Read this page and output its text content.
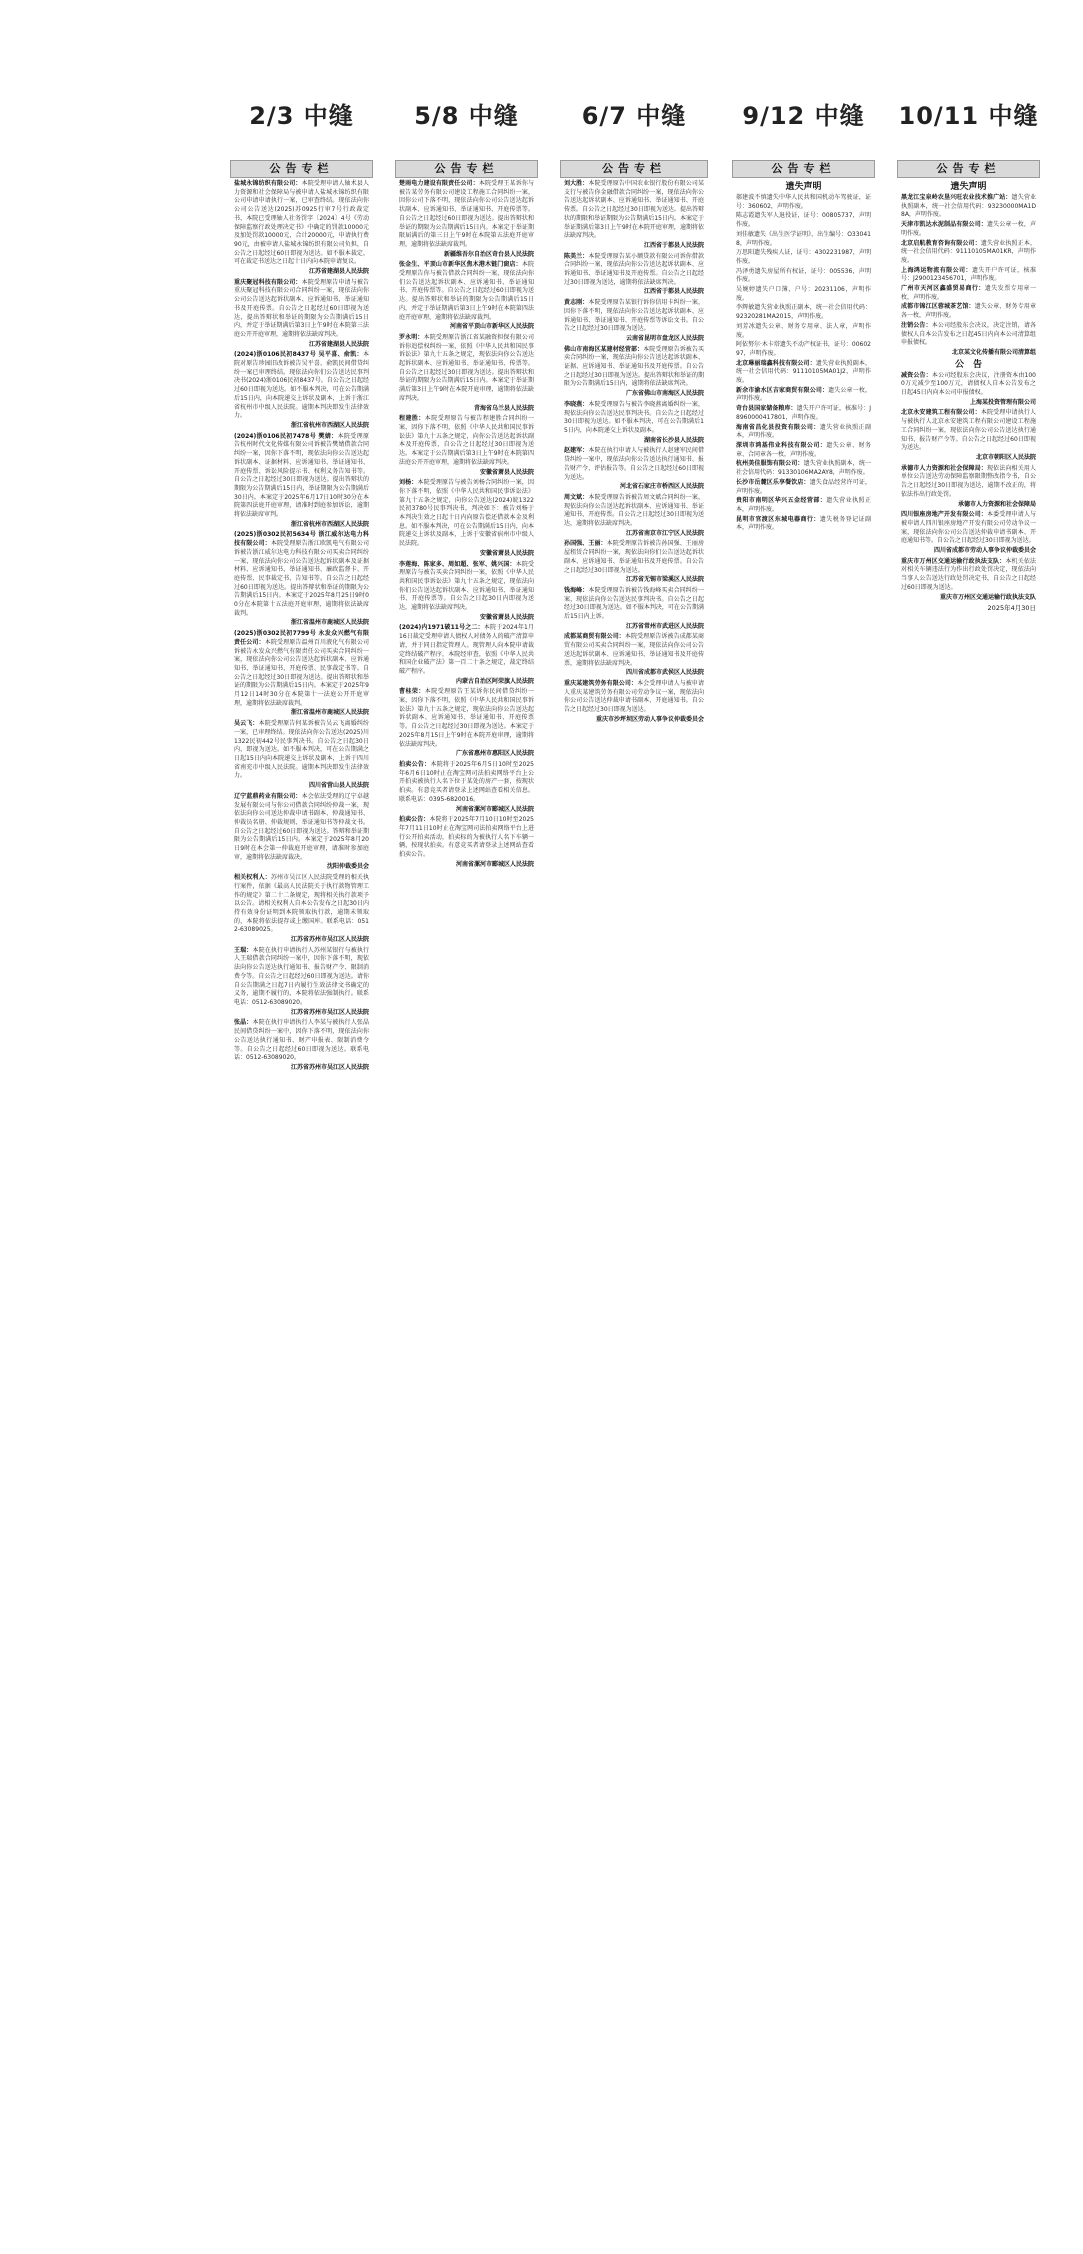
2/3 中缝
公告专栏
盐城永锦纺织有限公司：本院受理申请人轴术县人力资源和社会保障局与被申请人盐城永锦纺织有限公司申请申请执行一案，已审查终结。现依法向你公司公告送达(2025)苏0925行审7号行政裁定书，本院已受理轴人社务罚字〔2024〕4号《劳动保障监察行政处理决定书》中确定的罚款10000元及加处罚款10000元，合计20000元，申请执行费90元，由被申请人盐城永锦纺织有限公司负担，自公告之日起经过60日即视为送达。如不服本裁定，可在裁定书送达之日起十日内向本院申请复议。
江苏省建湖县人民法院
重庆聚冠科技有限公司：本院受理原告申请与被告重庆聚冠科技有限公司合同纠纷一案，现依法向你公司公告送达起诉状副本、应诉通知书、举证通知书及开庭传票。自公告之日起经过60日即视为送达，提出答辩状和举证的期限为公告期满后15日内，并定于举证期满后第3日上午9时在本院第三法庭公开开庭审理，逾期将依法缺席判决。
江苏省建湖县人民法院
(2024)浙0106民初8437号 吴平喜、俞凯：本院对原告珍园旧改诉被告吴平喜、俞凯民间借贷纠纷一案已审理终结。现依法向你们公告送达民事判决书(2024)浙0106民初8437号。自公告之日起经过60日即视为送达。如不服本判决，可在公告期满后15日内，向本院递交上诉状及副本，上诉于浙江省杭州市中级人民法院。逾期本判决即发生法律效力。
浙江省杭州市西湖区人民法院
(2024)浙0106民初7478号 樊婧：本院受理原告杭州时代文化传媒有限公司诉被告樊婧借款合同纠纷一案，因你下落不明，现依法向你公告送达起诉状副本、证据材料、应诉通知书、举证通知书、开庭传票、诉讼风险提示书、权利义务告知书等。自公告之日起经过30日即视为送达。提出答辩状的期限为公告期满后15日内，举证期限为公告期满后30日内。本案定于2025年6月17日10时30分在本院第四法庭开庭审理，请准时到庭参加诉讼，逾期将依法缺席审判。
浙江省杭州市西湖区人民法院
(2025)浙0302民初5634号 浙江威尔达电力科技有限公司：本院受理原告浙江欧凯电气有限公司诉被告浙江威尔达电力科技有限公司买卖合同纠纷一案，现依法向你公司公告送达起诉状副本及证据材料、应诉通知书、举证通知书、廉政监督卡、开庭传票、民事裁定书、告知书等。自公告之日起经过60日即视为送达。提出答辩状和举证的期限为公告期满后15日内。本案定于2025年8月25日9时00分在本院第十五法庭开庭审理，逾期将依法缺席裁判。
浙江省温州市鹿城区人民法院
(2025)浙0302民初7799号 永发众兴燃气有限责任公司：本院受理原告温州百川液化气有限公司诉被告永发众兴燃气有限责任公司买卖合同纠纷一案，现依法向你公司公告送达起诉状副本、应诉通知书、举证通知书、开庭传票、民事裁定书等。自公告之日起经过30日即视为送达。提出答辩状和举证的期限为公告期满后15日内。本案定于2025年9月12日14时30分在本院第十一法庭公开开庭审理，逾期将依法缺席裁判。
浙江省温州市鹿城区人民法院
吴云飞：本院受理原告何某诉被告吴云飞离婚纠纷一案，已审理终结。现依法向你公告送达(2025)川1322民初442号民事判决书。自公告之日起30日内，即视为送达。如不服本判决，可在公告期满之日起15日内向本院递交上诉状及副本，上诉于四川省南充市中级人民法院。逾期本判决即发生法律效力。
四川省营山县人民法院
辽宁蓝鼎药业有限公司：本会依法受理的辽宁卓越发展有限公司与你公司借款合同纠纷仲裁一案，现依法向你公司送达仲裁申请书副本、仲裁通知书、仲裁员名册、仲裁规则、举证通知书等仲裁文书。自公告之日起经过60日即视为送达。答辩和举证期限为公告期满后15日内。本案定于2025年8月20日9时在本会第一仲裁庭开庭审理，请准时参加庭审，逾期将依法缺席裁决。
沈阳仲裁委员会
相关权利人：苏州市吴江区人民法院受理的相关执行案件，依据《最高人民法院关于执行款物管理工作的规定》第二十二条规定，现将相关执行款项予以公告。请相关权利人自本公告发布之日起30日内持有效身份证明到本院领取执行款，逾期未领取的，本院将依法提存或上缴国库。联系电话：0512-63089025。
江苏省苏州市吴江区人民法院
王瑞：本院在执行申请执行人苏州某银行与被执行人王瑞借款合同纠纷一案中，因你下落不明，现依法向你公告送达执行通知书、报告财产令、限制消费令等。自公告之日起经过60日即视为送达。请你自公告期满之日起7日内履行生效法律文书确定的义务，逾期不履行的，本院将依法强制执行。联系电话：0512-63089020。
江苏省苏州市吴江区人民法院
张晶：本院在执行申请执行人李某与被执行人张晶民间借贷纠纷一案中，因你下落不明，现依法向你公告送达执行通知书、财产申报表、限制消费令等。自公告之日起经过60日即视为送达。联系电话：0512-63089020。
江苏省苏州市吴江区人民法院
5/8 中缝
公告专栏
楚雨电力建设有限责任公司：本院受理王某诉你与被告某劳务有限公司建设工程施工合同纠纷一案，因你公司下落不明，现依法向你公司公告送达起诉状副本、应诉通知书、举证通知书、开庭传票等。自公告之日起经过60日即视为送达。提出答辩状和举证的期限为公告期满后15日内。本案定于举证期限届满后的第三日上午9时在本院第五法庭开庭审理，逾期将依法缺席裁判。
新疆维吾尔自治区奇台县人民法院
张金生、平顶山市新华区焦木港木链门窗店：本院受理原告你与被告借款合同纠纷一案，现依法向你们公告送达起诉状副本、应诉通知书、举证通知书、开庭传票等。自公告之日起经过60日即视为送达。提出答辩状和举证的期限为公告期满后15日内，并定于举证期满后第3日上午9时在本院第四法庭开庭审理，逾期将依法缺席裁判。
河南省平顶山市新华区人民法院
罗永明：本院受理原告浙江省某融资担保有限公司诉你追偿权纠纷一案，依照《中华人民共和国民事诉讼法》第九十五条之规定，现依法向你公告送达起诉状副本、应诉通知书、举证通知书、传票等。自公告之日起经过30日即视为送达。提出答辩状和举证的期限为公告期满后15日内。本案定于举证期满后第3日上午9时在本院开庭审理，逾期将依法缺席判决。
青海省乌兰县人民法院
程建胜：本院受理原告与被告程建胜合同纠纷一案，因你下落不明，依照《中华人民共和国民事诉讼法》第九十五条之规定，向你公告送达起诉状副本及开庭传票，自公告之日起经过30日即视为送达。本案定于公告期满后第3日上午9时在本院第四法庭公开开庭审理，逾期将依法缺席判决。
安徽省萧县人民法院
刘杨：本院受理原告与被告刘杨合同纠纷一案，因你下落不明，依照《中华人民共和国民事诉讼法》第九十五条之规定，向你公告送达(2024)皖1322民初3780号民事判决书，判决如下：被告刘杨于本判决生效之日起十日内向原告偿还借款本金及利息。如不服本判决，可在公告期满后15日内，向本院递交上诉状及副本，上诉于安徽省宿州市中级人民法院。
安徽省萧县人民法院
李莲海、陈家多、周如超、张军、姚兴国：本院受理原告与被告买卖合同纠纷一案，依照《中华人民共和国民事诉讼法》第九十五条之规定，现依法向你们公告送达起诉状副本、应诉通知书、举证通知书、开庭传票等。自公告之日起30日内即视为送达，逾期将依法缺席判决。
安徽省萧县人民法院
(2024)内1971破11号之二：本院于2024年1月16日裁定受理申请人债权人对债务人的破产清算申请，并于同日指定管理人。现管理人向本院申请裁定终结破产程序，本院经审查，依照《中华人民共和国企业破产法》第一百二十条之规定，裁定终结破产程序。
内蒙古自治区阿荣旗人民法院
曹桂荣：本院受理原告王某诉你民间借贷纠纷一案，因你下落不明，依照《中华人民共和国民事诉讼法》第九十五条之规定，现依法向你公告送达起诉状副本、应诉通知书、举证通知书、开庭传票等。自公告之日起经过30日即视为送达。本案定于2025年8月15日上午9时在本院开庭审理，逾期将依法缺席判决。
广东省惠州市惠阳区人民法院
拍卖公告：本院将于2025年6月5日10时至2025年6月6日10时止在淘宝网司法拍卖网络平台上公开拍卖被执行人名下位于某处的房产一套，按现状拍卖。有意竞买者请登录上述网站查看相关信息。联系电话：0395-6820016。
河南省漯河市郾城区人民法院
拍卖公告：本院将于2025年7月10日10时至2025年7月11日10时止在淘宝网司法拍卖网络平台上进行公开拍卖活动，拍卖标的为被执行人名下车辆一辆，按现状拍卖。有意竞买者请登录上述网站查看拍卖公告。
河南省漯河市郾城区人民法院
6/7 中缝
公告专栏
刘大胜：本院受理原告中国农业银行股份有限公司某支行与被告你金融借款合同纠纷一案，现依法向你公告送达起诉状副本、应诉通知书、举证通知书、开庭传票。自公告之日起经过30日即视为送达。提出答辩状的期限和举证期限为公告期满后15日内。本案定于举证期满后第3日上午9时在本院开庭审理，逾期将依法缺席判决。
江西省于都县人民法院
陈美兰：本院受理原告某小额贷款有限公司诉你借款合同纠纷一案，现依法向你公告送达起诉状副本、应诉通知书、举证通知书及开庭传票。自公告之日起经过30日即视为送达，逾期将依法缺席判决。
江西省于都县人民法院
黄志刚：本院受理原告某银行诉你信用卡纠纷一案，因你下落不明，现依法向你公告送达起诉状副本、应诉通知书、举证通知书、开庭传票等诉讼文书。自公告之日起经过30日即视为送达。
云南省昆明市盘龙区人民法院
佛山市南海区某建材经营部：本院受理原告诉被告买卖合同纠纷一案，现依法向你公告送达起诉状副本、证据、应诉通知书、举证通知书及开庭传票。自公告之日起经过30日即视为送达。提出答辩状和举证的期限为公告期满后15日内，逾期将依法缺席判决。
广东省佛山市南海区人民法院
李晓燕：本院受理原告与被告李晓燕离婚纠纷一案，现依法向你公告送达民事判决书。自公告之日起经过30日即视为送达。如不服本判决，可在公告期满后15日内，向本院递交上诉状及副本。
湖南省长沙县人民法院
赵建军：本院在执行申请人与被执行人赵建军民间借贷纠纷一案中，现依法向你公告送达执行通知书、报告财产令、评估报告等。自公告之日起经过60日即视为送达。
河北省石家庄市桥西区人民法院
周文斌：本院受理原告诉被告周文斌合同纠纷一案，现依法向你公告送达起诉状副本、应诉通知书、举证通知书、开庭传票。自公告之日起经过30日即视为送达，逾期将依法缺席判决。
江苏省南京市江宁区人民法院
孙国强、王丽：本院受理原告诉被告孙国强、王丽房屋租赁合同纠纷一案，现依法向你们公告送达起诉状副本、应诉通知书、举证通知书及开庭传票。自公告之日起经过30日即视为送达。
江苏省无锡市梁溪区人民法院
钱海峰：本院受理原告诉被告钱海峰买卖合同纠纷一案，现依法向你公告送达民事判决书。自公告之日起经过30日即视为送达。如不服本判决，可在公告期满后15日内上诉。
江苏省常州市武进区人民法院
成都某商贸有限公司：本院受理原告诉被告成都某商贸有限公司买卖合同纠纷一案，现依法向你公司公告送达起诉状副本、应诉通知书、举证通知书及开庭传票，逾期将依法缺席判决。
四川省成都市武侯区人民法院
重庆某建筑劳务有限公司：本会受理申请人与被申请人重庆某建筑劳务有限公司劳动争议一案，现依法向你公司公告送达仲裁申请书副本、开庭通知书。自公告之日起经过30日即视为送达。
重庆市沙坪坝区劳动人事争议仲裁委员会
9/12 中缝
公告专栏
遗失声明
郝建波不慎遗失中华人民共和国机动车驾驶证，证号：360602，声明作废。
陈志霞遗失军人退役证，证号：00805737，声明作废。
刘佳敏遗失《出生医学证明》，出生编号：O330418，声明作废。
万思阳遗失残疾人证，证号：4302231987，声明作废。
冯泽勇遗失房屋所有权证，证号：005536，声明作废。
吴婉婷遗失户口簿，户号：20231106，声明作废。
李辉敏遗失营业执照正副本，统一社会信用代码：92320281MA2015，声明作废。
刘芳冰遗失公章、财务专用章、法人章，声明作废。
阿依努尔·木卡塔遗失不动产权证书，证号：0060297，声明作废。
北京琳丽瑞鑫科技有限公司：遗失营业执照副本，统一社会信用代码：91110105MA01J2，声明作废。
新余市渝水区吉家商贸有限公司：遗失公章一枚，声明作废。
奇台县国家储备粮库：遗失开户许可证，核准号：J8960000417801，声明作废。
海南省昌化县投资有限公司：遗失营业执照正副本，声明作废。
深圳市鸿基伟业科技有限公司：遗失公章、财务章、合同章各一枚，声明作废。
杭州美佳服饰有限公司：遗失营业执照副本，统一社会信用代码：91330106MA2AY8，声明作废。
长沙市岳麓区乐享餐饮店：遗失食品经营许可证，声明作废。
贵阳市南明区华兴五金经营部：遗失营业执照正本，声明作废。
昆明市官渡区东城电器商行：遗失税务登记证副本，声明作废。
10/11 中缝
公告专栏
遗失声明
黑龙江宝泉岭农垦兴旺农业技术推广站：遗失营业执照副本，统一社会信用代码：93230000MA1D8A，声明作废。
天津市凯达水泥制品有限公司：遗失公章一枚，声明作废。
北京启航教育咨询有限公司：遗失营业执照正本，统一社会信用代码：91110105MA01KR，声明作废。
上海鸿运物流有限公司：遗失开户许可证，核准号：J2900123456701，声明作废。
广州市天河区鑫盛贸易商行：遗失发票专用章一枚，声明作废。
成都市锦江区蓉城茶艺馆：遗失公章、财务专用章各一枚，声明作废。
注销公告：本公司经股东会决议，决定注销，请各债权人自本公告发布之日起45日内向本公司清算组申报债权。
北京某文化传播有限公司清算组
公　告
减资公告：本公司经股东会决议，注册资本由1000万元减少至100万元，请债权人自本公告发布之日起45日内向本公司申报债权。
上海某投资管理有限公司
北京永安建筑工程有限公司：本院受理申请执行人与被执行人北京永安建筑工程有限公司建设工程施工合同纠纷一案，现依法向你公司公告送达执行通知书、报告财产令等。自公告之日起经过60日即视为送达。
北京市朝阳区人民法院
承德市人力资源和社会保障局：现依法向相关用人单位公告送达劳动保障监察限期整改指令书，自公告之日起经过30日即视为送达，逾期不改正的，将依法作出行政处罚。
承德市人力资源和社会保障局
四川银座房地产开发有限公司：本委受理申请人与被申请人四川银座房地产开发有限公司劳动争议一案，现依法向你公司公告送达仲裁申请书副本、开庭通知书等。自公告之日起经过30日即视为送达。
四川省成都市劳动人事争议仲裁委员会
重庆市万州区交通运输行政执法支队：本机关依法对相关车辆违法行为作出行政处罚决定，现依法向当事人公告送达行政处罚决定书，自公告之日起经过60日即视为送达。
重庆市万州区交通运输行政执法支队
2025年4月30日
